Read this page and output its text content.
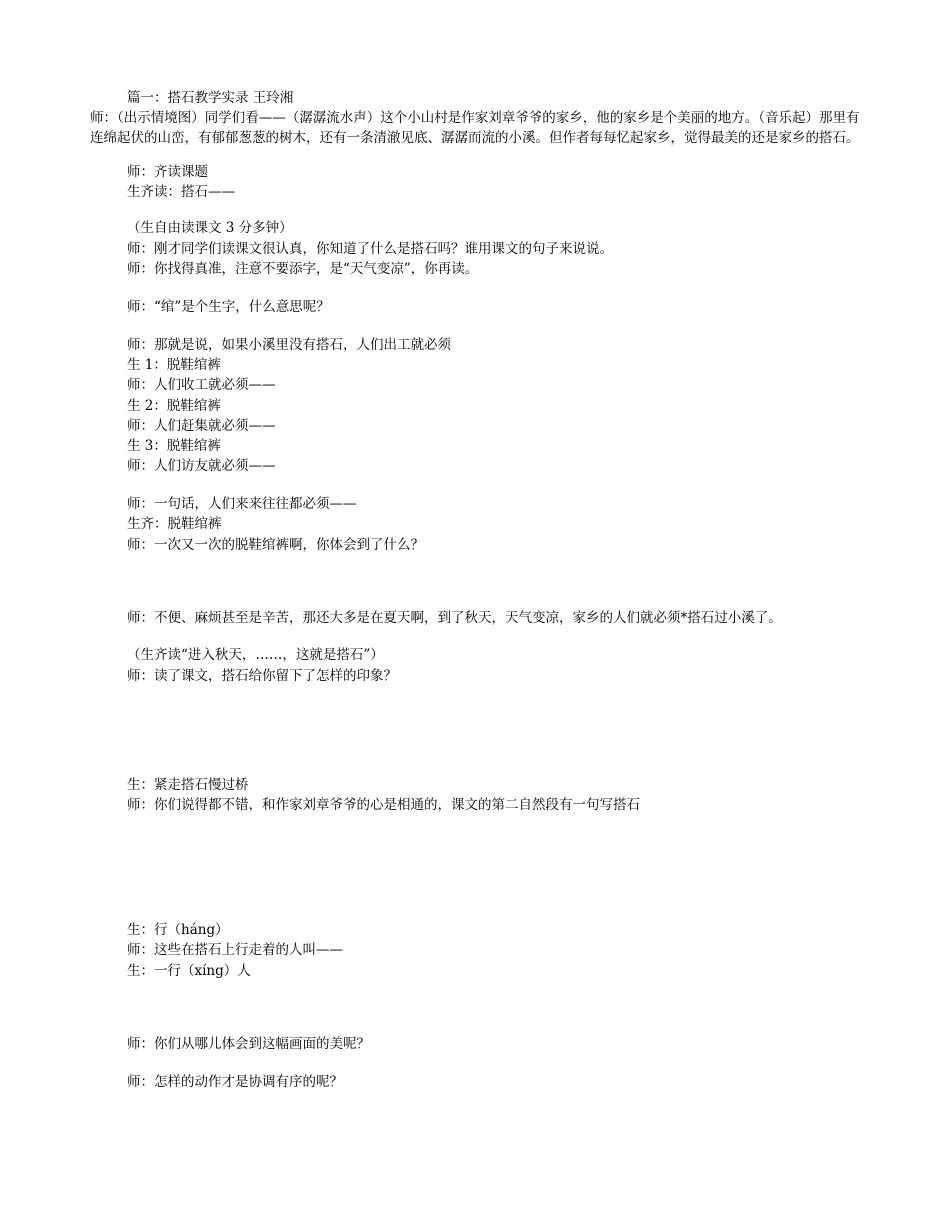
篇一：搭石教学实录 王玲湘
师：（出示情境图）同学们看——（潺潺流水声）这个小山村是作家刘章爷爷的家乡，他的家乡是个美丽的地方。（音乐起）那里有连绵起伏的山峦，有郁郁葱葱的树木，还有一条清澈见底、潺潺而流的小溪。但作者每每忆起家乡，觉得最美的还是家乡的搭石。
师：齐读课题
生齐读：搭石——
（生自由读课文 3 分多钟）
师：刚才同学们读课文很认真，你知道了什么是搭石吗？谁用课文的句子来说说。
师：你找得真准，注意不要添字，是“天气变凉”，你再读。
师：“绾”是个生字，什么意思呢？
师：那就是说，如果小溪里没有搭石，人们出工就必须
生 1：脱鞋绾裤
师：人们收工就必须——
生 2：脱鞋绾裤
师：人们赶集就必须——
生 3：脱鞋绾裤
师：人们访友就必须——
师：一句话，人们来来往往都必须——
生齐：脱鞋绾裤
师：一次又一次的脱鞋绾裤啊，你体会到了什么？
师：不便、麻烦甚至是辛苦，那还大多是在夏天啊，到了秋天，天气变凉，家乡的人们就必须*搭石过小溪了。
（生齐读“进入秋天，……，这就是搭石”）
师：读了课文，搭石给你留下了怎样的印象？
生：紧走搭石慢过桥
师：你们说得都不错，和作家刘章爷爷的心是相通的，课文的第二自然段有一句写搭石
生：行（háng）
师：这些在搭石上行走着的人叫——
生：一行（xíng）人
师：你们从哪儿体会到这幅画面的美呢？
师：怎样的动作才是协调有序的呢？
